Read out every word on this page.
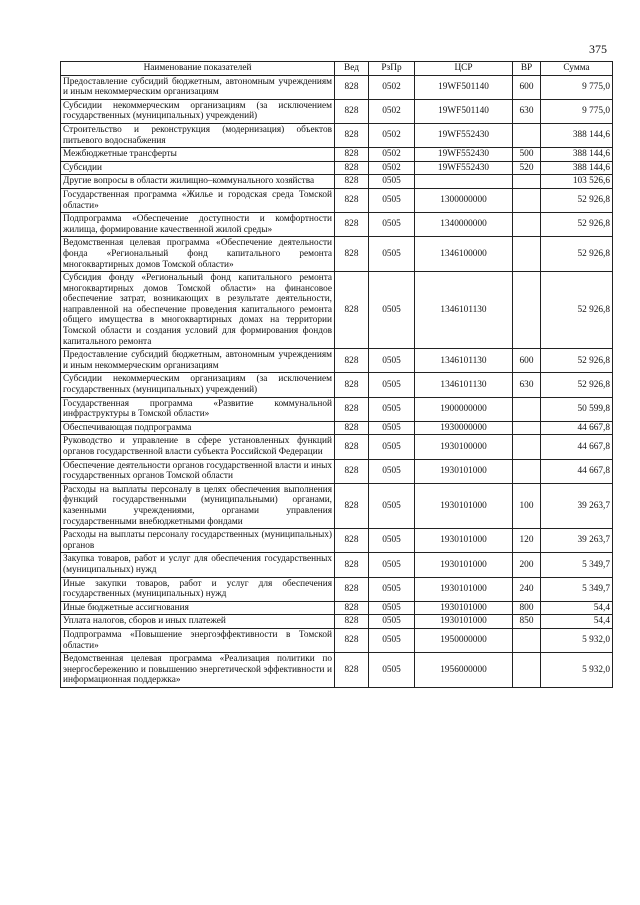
375
Наименование показателей	Вед	РзПр	ЦСР	ВР	Сумма
Предоставление субсидий бюджетным, автономным учреждениям и иным некоммерческим организациям	828	0502	19WF501140	600	9 775,0
Субсидии некоммерческим организациям (за исключением государственных (муниципальных) учреждений)	828	0502	19WF501140	630	9 775,0
Строительство и реконструкция (модернизация) объектов питьевого водоснабжения	828	0502	19WF552430		388 144,6
Межбюджетные трансферты	828	0502	19WF552430	500	388 144,6
Субсидии	828	0502	19WF552430	520	388 144,6
Другие вопросы в области жилищно–коммунального хозяйства	828	0505			103 526,6
Государственная программа «Жилье и городская среда Томской области»	828	0505	1300000000		52 926,8
Подпрограмма «Обеспечение доступности и комфортности жилища, формирование качественной жилой среды»	828	0505	1340000000		52 926,8
Ведомственная целевая программа «Обеспечение деятельности фонда «Региональный фонд капитального ремонта многоквартирных домов Томской области»	828	0505	1346100000		52 926,8
Субсидия фонду «Региональный фонд капитального ремонта многоквартирных домов Томской области» на финансовое обеспечение затрат, возникающих в результате деятельности, направленной на обеспечение проведения капитального ремонта общего имущества в многоквартирных домах на территории Томской области и создания условий для формирования фондов капитального ремонта	828	0505	1346101130		52 926,8
Предоставление субсидий бюджетным, автономным учреждениям и иным некоммерческим организациям	828	0505	1346101130	600	52 926,8
Субсидии некоммерческим организациям (за исключением государственных (муниципальных) учреждений)	828	0505	1346101130	630	52 926,8
Государственная программа «Развитие коммунальной инфраструктуры в Томской области»	828	0505	1900000000		50 599,8
Обеспечивающая подпрограмма	828	0505	1930000000		44 667,8
Руководство и управление в сфере установленных функций органов государственной власти субъекта Российской Федерации	828	0505	1930100000		44 667,8
Обеспечение деятельности органов государственной власти и иных государственных органов Томской области	828	0505	1930101000		44 667,8
Расходы на выплаты персоналу в целях обеспечения выполнения функций государственными (муниципальными) органами, казенными учреждениями, органами управления государственными внебюджетными фондами	828	0505	1930101000	100	39 263,7
Расходы на выплаты персоналу государственных (муниципальных) органов	828	0505	1930101000	120	39 263,7
Закупка товаров, работ и услуг для обеспечения государственных (муниципальных) нужд	828	0505	1930101000	200	5 349,7
Иные закупки товаров, работ и услуг для обеспечения государственных (муниципальных) нужд	828	0505	1930101000	240	5 349,7
Иные бюджетные ассигнования	828	0505	1930101000	800	54,4
Уплата налогов, сборов и иных платежей	828	0505	1930101000	850	54,4
Подпрограмма «Повышение энергоэффективности в Томской области»	828	0505	1950000000		5 932,0
Ведомственная целевая программа «Реализация политики по энергосбережению и повышению энергетической эффективности и информационная поддержка»	828	0505	1956000000		5 932,0
